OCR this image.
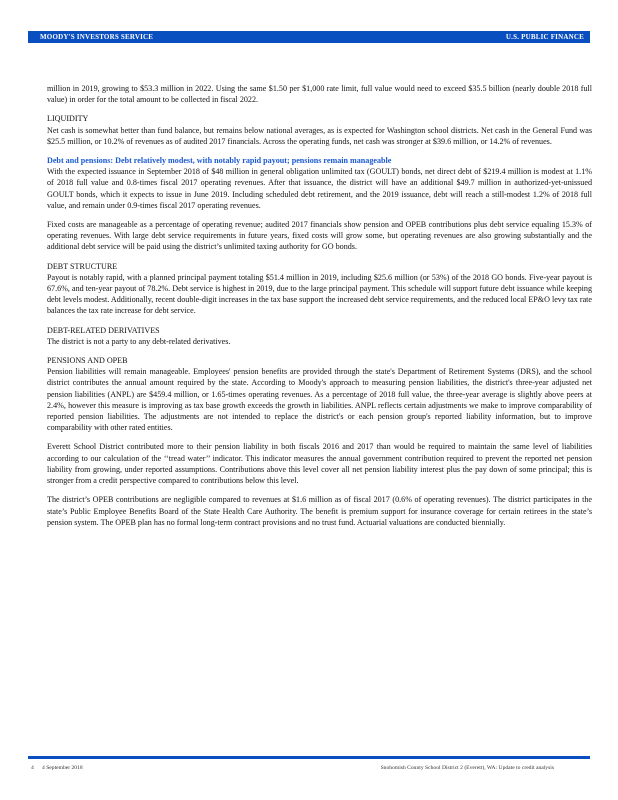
MOODY'S INVESTORS SERVICE	U.S. PUBLIC FINANCE

million in 2019, growing to $53.3 million in 2022. Using the same $1.50 per $1,000 rate limit, full value would need to exceed $35.5 billion (nearly double 2018 full value) in order for the total amount to be collected in fiscal 2022.

LIQUIDITY

Net cash is somewhat better than fund balance, but remains below national averages, as is expected for Washington school districts. Net cash in the General Fund was $25.5 million, or 10.2% of revenues as of audited 2017 financials. Across the operating funds, net cash was stronger at $39.6 million, or 14.2% of revenues.

Debt and pensions: Debt relatively modest, with notably rapid payout; pensions remain manageable

With the expected issuance in September 2018 of $48 million in general obligation unlimited tax (GOULT) bonds, net direct debt of $219.4 million is modest at 1.1% of 2018 full value and 0.8-times fiscal 2017 operating revenues. After that issuance, the district will have an additional $49.7 million in authorized-yet-unissued GOULT bonds, which it expects to issue in June 2019. Including scheduled debt retirement, and the 2019 issuance, debt will reach a still-modest 1.2% of 2018 full value, and remain under 0.9-times fiscal 2017 operating revenues.

Fixed costs are manageable as a percentage of operating revenue; audited 2017 financials show pension and OPEB contributions plus debt service equaling 15.3% of operating revenues. With large debt service requirements in future years, fixed costs will grow some, but operating revenues are also growing substantially and the additional debt service will be paid using the district’s unlimited taxing authority for GO bonds.

DEBT STRUCTURE

Payout is notably rapid, with a planned principal payment totaling $51.4 million in 2019, including $25.6 million (or 53%) of the 2018 GO bonds. Five-year payout is 67.6%, and ten-year payout of 78.2%. Debt service is highest in 2019, due to the large principal payment. This schedule will support future debt issuance while keeping debt levels modest. Additionally, recent double-digit increases in the tax base support the increased debt service requirements, and the reduced local EP&O levy tax rate balances the tax rate increase for debt service.

DEBT-RELATED DERIVATIVES

The district is not a party to any debt-related derivatives.

PENSIONS AND OPEB

Pension liabilities will remain manageable. Employees' pension benefits are provided through the state's Department of Retirement Systems (DRS), and the school district contributes the annual amount required by the state. According to Moody's approach to measuring pension liabilities, the district's three-year adjusted net pension liabilities (ANPL) are $459.4 million, or 1.65-times operating revenues. As a percentage of 2018 full value, the three-year average is slightly above peers at 2.4%, however this measure is improving as tax base growth exceeds the growth in liabilities. ANPL reflects certain adjustments we make to improve comparability of reported pension liabilities. The adjustments are not intended to replace the district's or each pension group's reported liability information, but to improve comparability with other rated entities.

Everett School District contributed more to their pension liability in both fiscals 2016 and 2017 than would be required to maintain the same level of liabilities according to our calculation of the ‘‘tread water’’ indicator. This indicator measures the annual government contribution required to prevent the reported net pension liability from growing, under reported assumptions. Contributions above this level cover all net pension liability interest plus the pay down of some principal; this is stronger from a credit perspective compared to contributions below this level.

The district’s OPEB contributions are negligible compared to revenues at $1.6 million as of fiscal 2017 (0.6% of operating revenues). The district participates in the state’s Public Employee Benefits Board of the State Health Care Authority. The benefit is premium support for insurance coverage for certain retirees in the state’s pension system. The OPEB plan has no formal long-term contract provisions and no trust fund. Actuarial valuations are conducted biennially.

4 4 September 2018	Snohomish County School District 2 (Everett), WA: Update to credit analysis
